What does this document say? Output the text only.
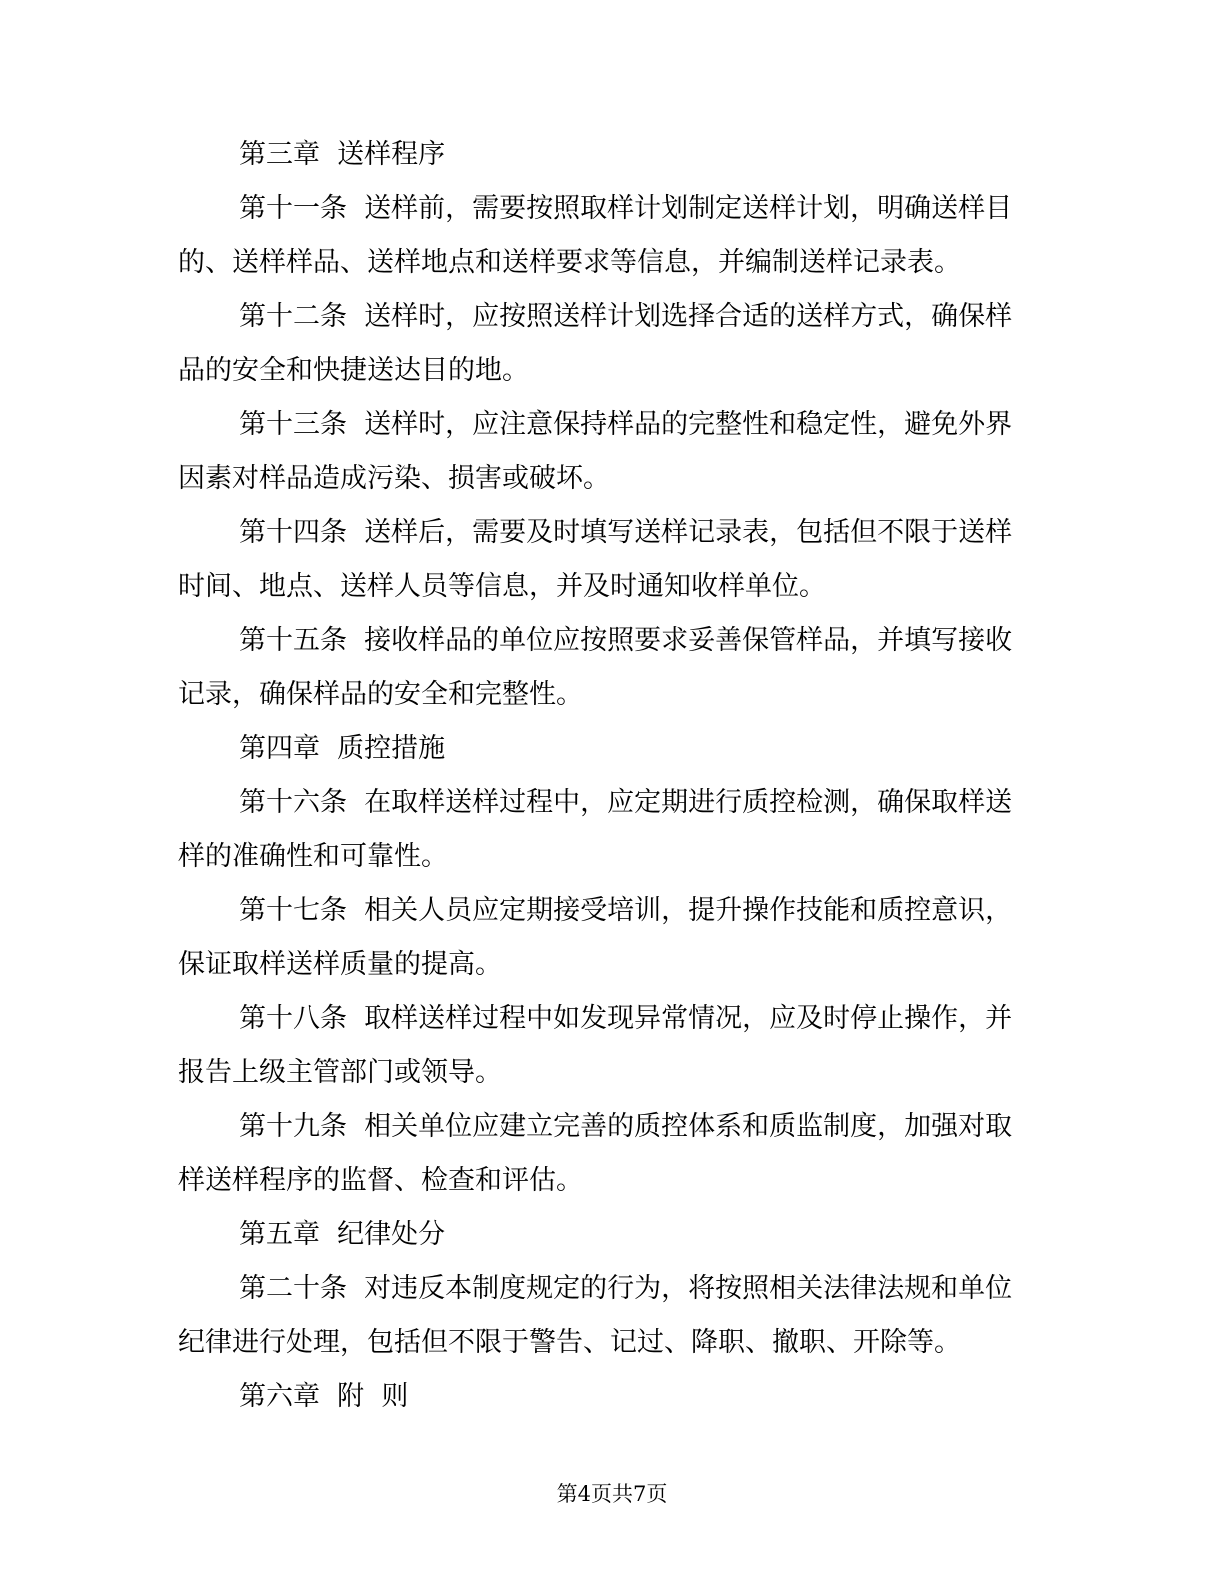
第三章  送样程序
第十一条  送样前，需要按照取样计划制定送样计划，明确送样目
的、送样样品、送样地点和送样要求等信息，并编制送样记录表。
第十二条  送样时，应按照送样计划选择合适的送样方式，确保样
品的安全和快捷送达目的地。
第十三条  送样时，应注意保持样品的完整性和稳定性，避免外界
因素对样品造成污染、损害或破坏。
第十四条  送样后，需要及时填写送样记录表，包括但不限于送样
时间、地点、送样人员等信息，并及时通知收样单位。
第十五条  接收样品的单位应按照要求妥善保管样品，并填写接收
记录，确保样品的安全和完整性。
第四章  质控措施
第十六条  在取样送样过程中，应定期进行质控检测，确保取样送
样的准确性和可靠性。
第十七条  相关人员应定期接受培训，提升操作技能和质控意识，
保证取样送样质量的提高。
第十八条  取样送样过程中如发现异常情况，应及时停止操作，并
报告上级主管部门或领导。
第十九条  相关单位应建立完善的质控体系和质监制度，加强对取
样送样程序的监督、检查和评估。
第五章  纪律处分
第二十条  对违反本制度规定的行为，将按照相关法律法规和单位
纪律进行处理，包括但不限于警告、记过、降职、撤职、开除等。
第六章  附  则
第4页共7页
